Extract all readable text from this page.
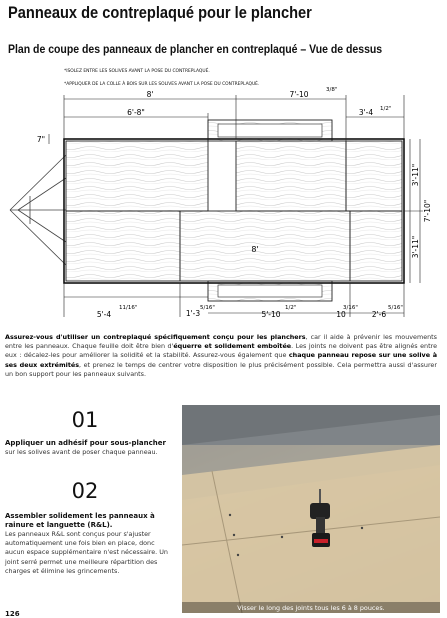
Panneaux de contreplaqué pour le plancher
Plan de coupe des panneaux de plancher en contreplaqué – Vue de dessus
*ISOLEZ ENTRE LES SOLIVES AVANT LA POSE DU CONTREPLAQUÉ.
*APPLIQUER DE LA COLLE À BOIS SUR LES SOLIVES AVANT LA POSE DU CONTREPLAQUÉ.
8'
6'-8"
7'-10	3/8"
3'-4 1/2"
7"
3'-11"
7'-10"
3'-11"
8'
5'-4
11/16"
1'-3
5/16"
5'-10
1/2"
10
3/16"
2'-6
5/16"
Assurez-vous d'utiliser un contreplaqué spécifiquement conçu pour les planchers, car il aide à prévenir les mouvements entre les panneaux. Chaque feuille doit être bien d'équerre et solidement emboîtée. Les joints ne doivent pas être alignés entre eux : décalez-les pour améliorer la solidité et la stabilité. Assurez-vous également que chaque panneau repose sur une solive à ses deux extrémités, et prenez le temps de centrer votre disposition le plus précisément possible. Cela permettra aussi d'assurer un bon support pour les panneaux suivants.
01
Appliquer un adhésif pour sous-plancher
sur les solives avant de poser chaque panneau.
02
Assembler solidement les panneaux à rainure et languette (R&L).
Les panneaux R&L sont conçus pour s'ajuster automatiquement une fois bien en place, donc aucun espace supplémentaire n'est nécessaire. Un joint serré permet une meilleure répartition des charges et élimine les grincements.
Visser le long des joints tous les 6 à 8 pouces.
126
